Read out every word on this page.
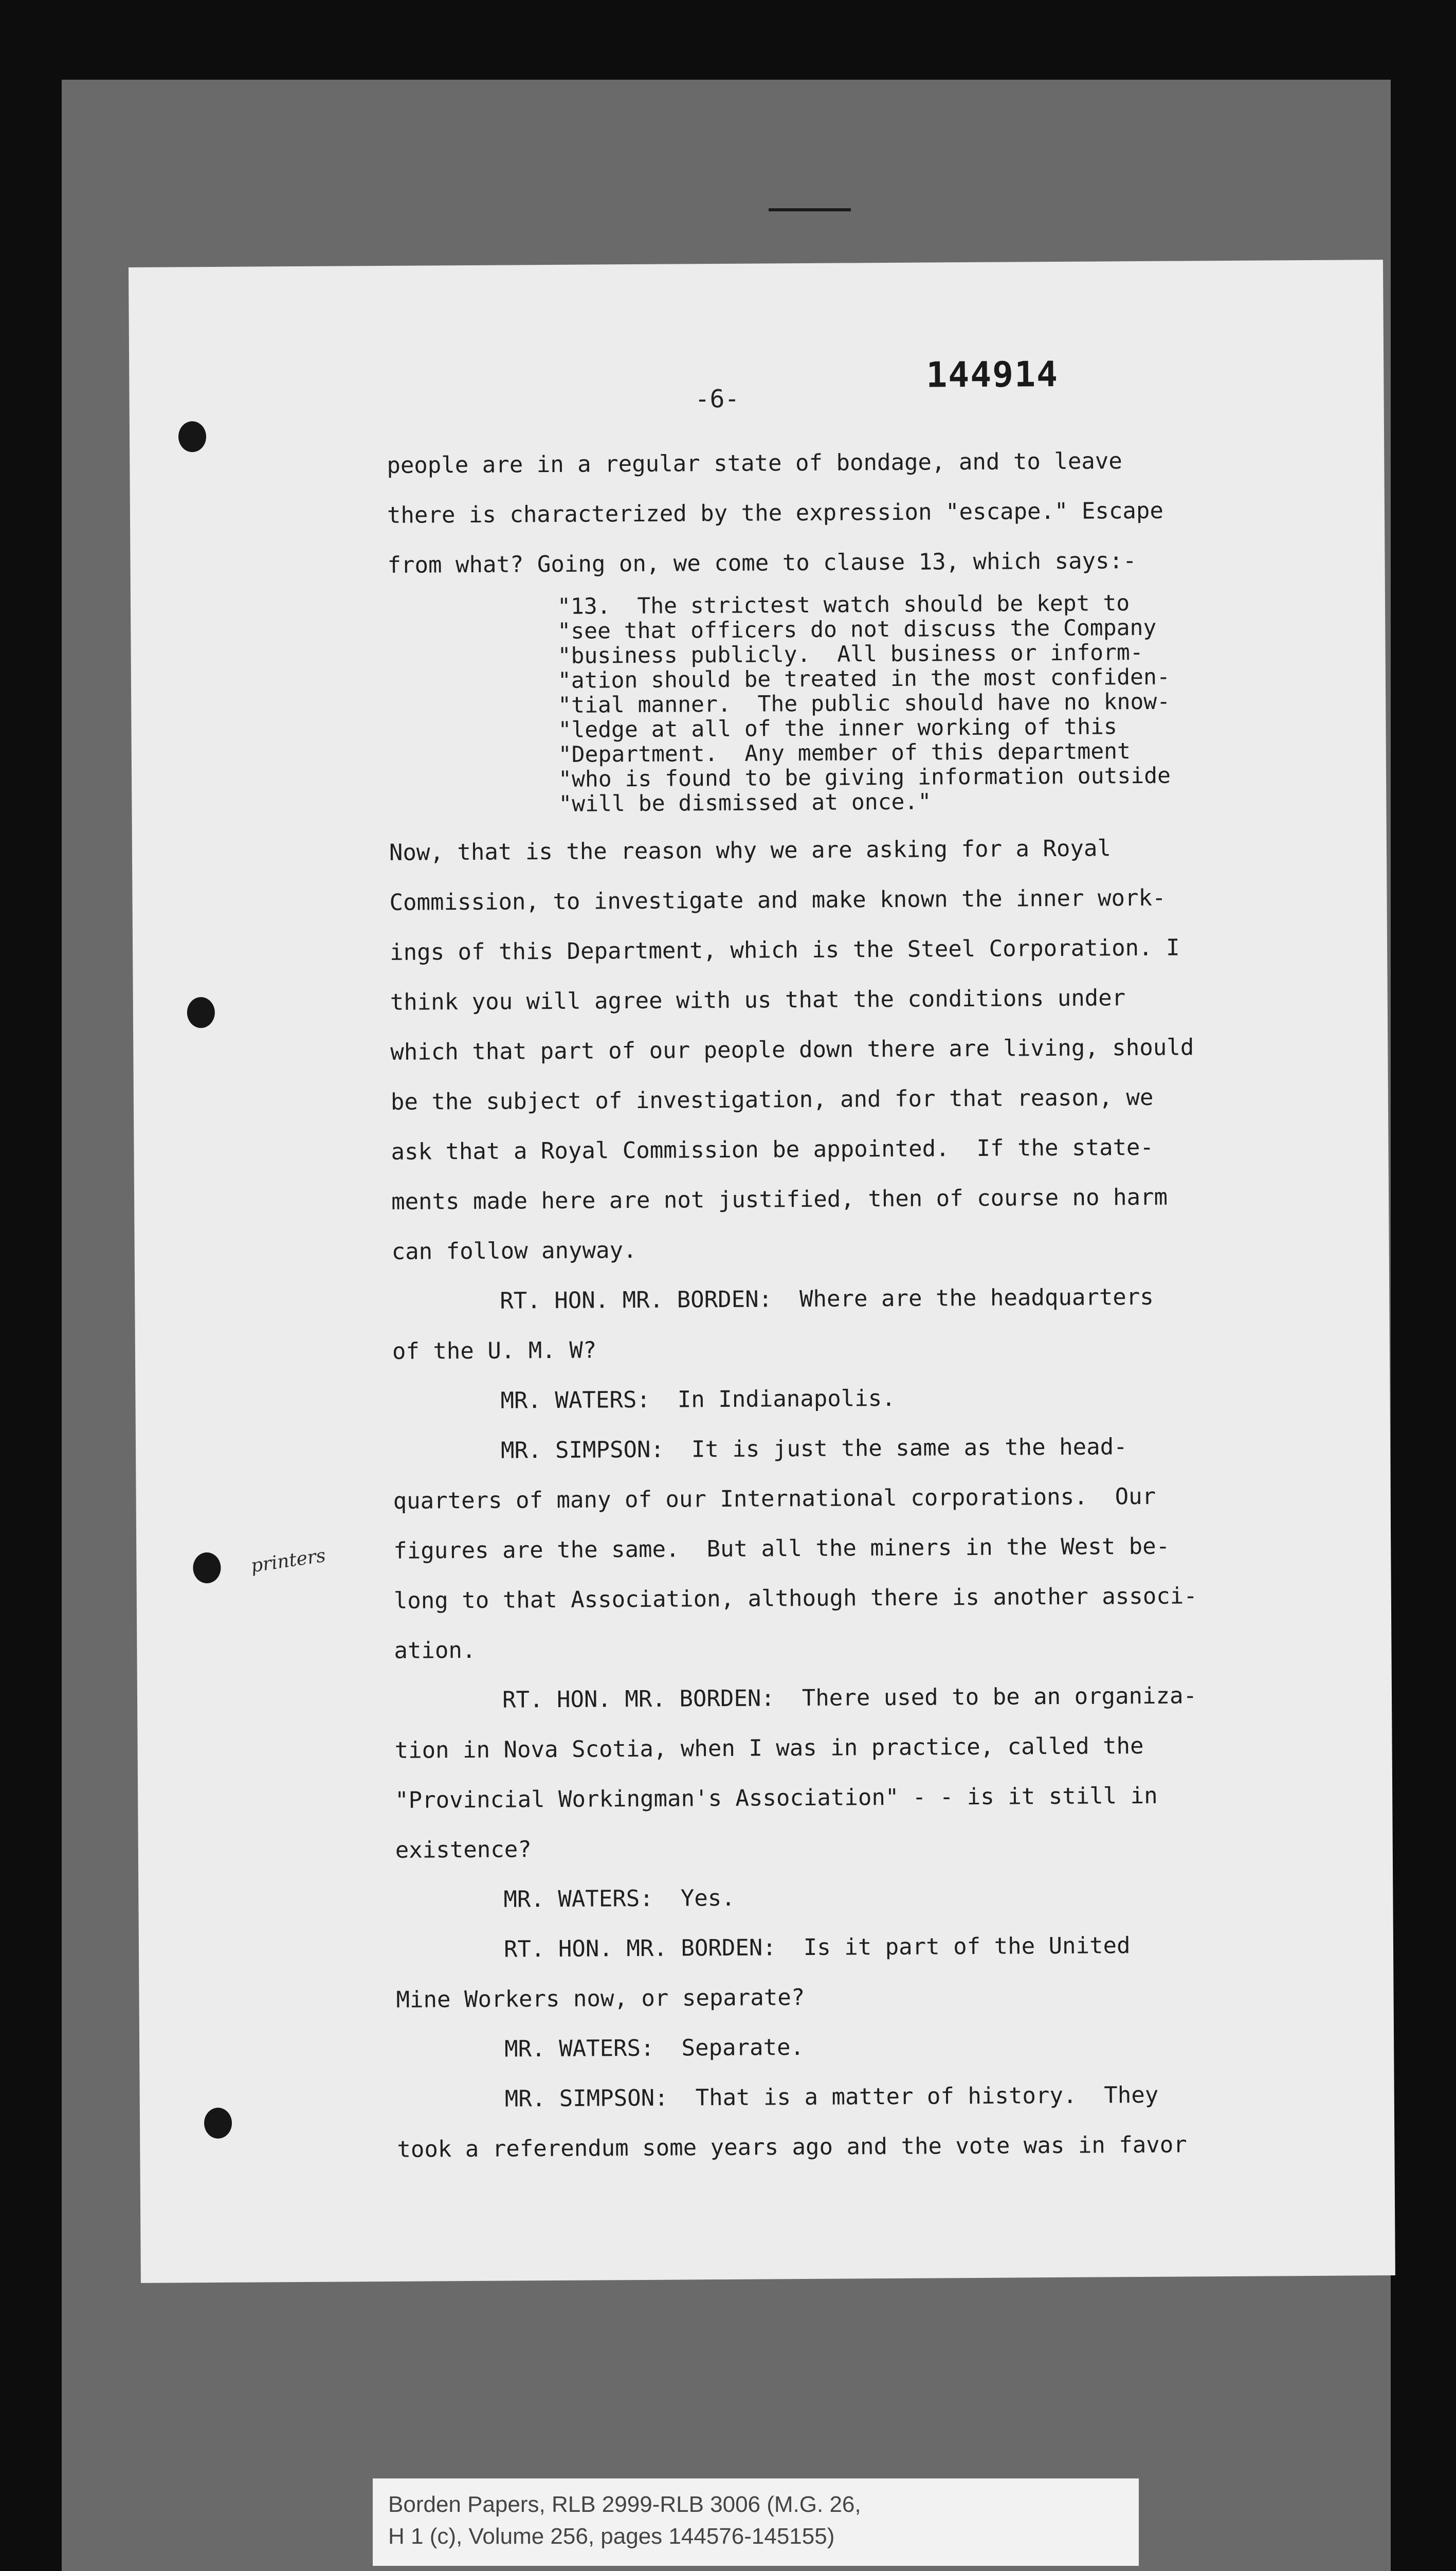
-6-
144914
printers
people are in a regular state of bondage, and to leave
there is characterized by the expression "escape." Escape
from what? Going on, we come to clause 13, which says:-
"13.  The strictest watch should be kept to
"see that officers do not discuss the Company
"business publicly.  All business or inform-
"ation should be treated in the most confiden-
"tial manner.  The public should have no know-
"ledge at all of the inner working of this
"Department.  Any member of this department
"who is found to be giving information outside
"will be dismissed at once."
Now, that is the reason why we are asking for a Royal
Commission, to investigate and make known the inner work-
ings of this Department, which is the Steel Corporation. I
think you will agree with us that the conditions under
which that part of our people down there are living, should
be the subject of investigation, and for that reason, we
ask that a Royal Commission be appointed.  If the state-
ments made here are not justified, then of course no harm
can follow anyway.
RT. HON. MR. BORDEN:  Where are the headquarters
of the U. M. W?
MR. WATERS:  In Indianapolis.
MR. SIMPSON:  It is just the same as the head-
quarters of many of our International corporations.  Our
figures are the same.  But all the miners in the West be-
long to that Association, although there is another associ-
ation.
RT. HON. MR. BORDEN:  There used to be an organiza-
tion in Nova Scotia, when I was in practice, called the
"Provincial Workingman's Association" - - is it still in
existence?
MR. WATERS:  Yes.
RT. HON. MR. BORDEN:  Is it part of the United
Mine Workers now, or separate?
MR. WATERS:  Separate.
MR. SIMPSON:  That is a matter of history.  They
took a referendum some years ago and the vote was in favor
Borden Papers, RLB 2999-RLB 3006 (M.G. 26,
H 1 (c), Volume 256, pages 144576-145155)
